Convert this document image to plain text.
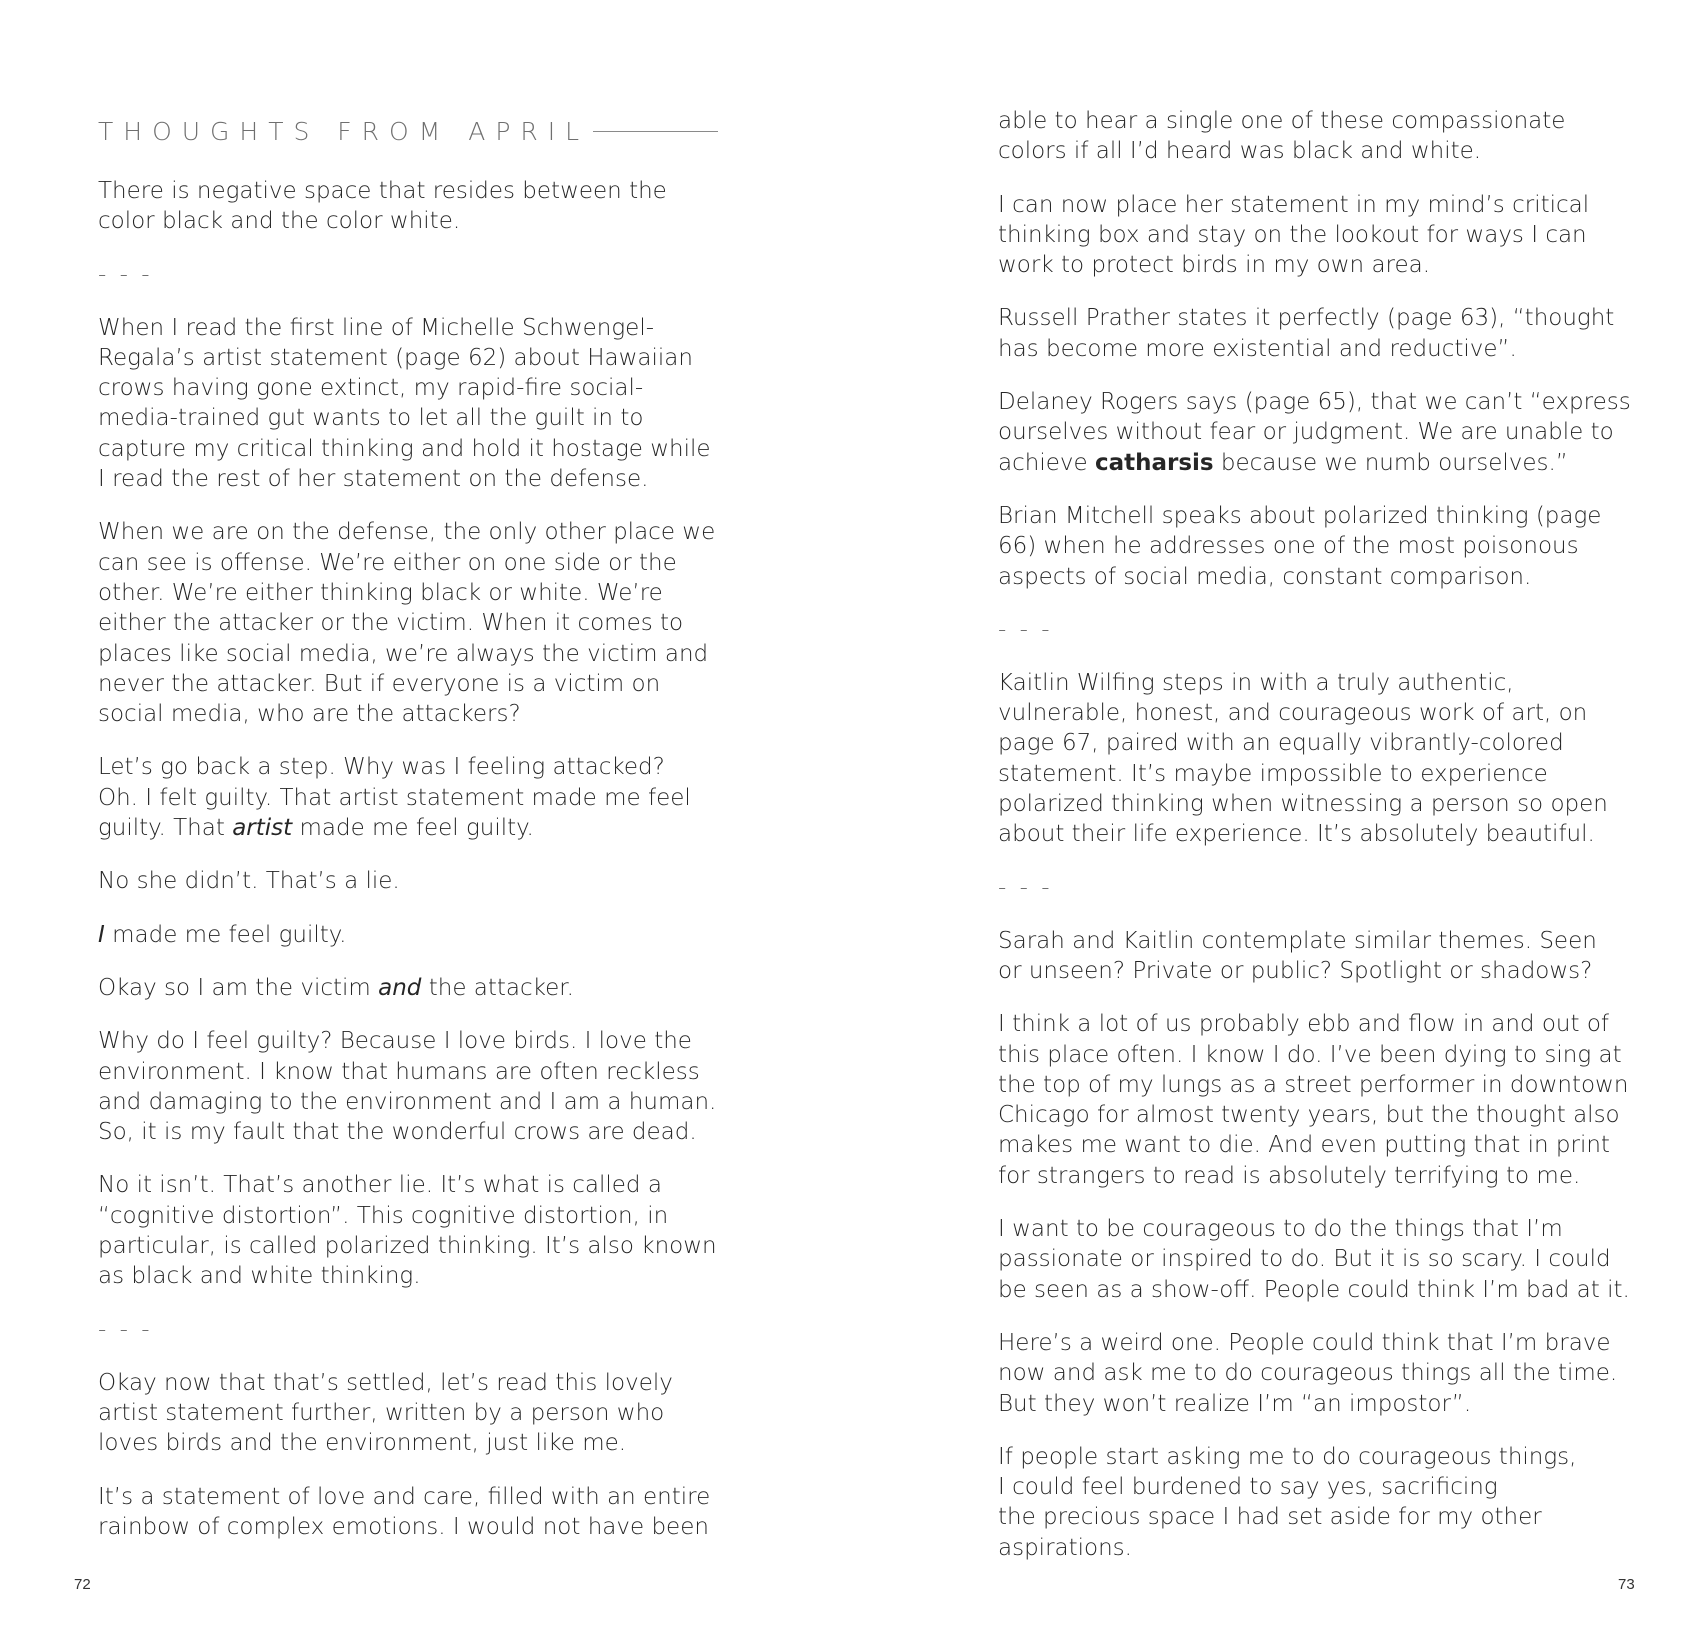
THOUGHTS FROM APRIL

There is negative space that resides between the
color black and the color white.

- - -

When I read the first line of Michelle Schwengel-
Regala’s artist statement (page 62) about Hawaiian
crows having gone extinct, my rapid-fire social-
media-trained gut wants to let all the guilt in to
capture my critical thinking and hold it hostage while
I read the rest of her statement on the defense.

When we are on the defense, the only other place we
can see is offense. We’re either on one side or the
other. We’re either thinking black or white. We’re
either the attacker or the victim. When it comes to
places like social media, we’re always the victim and
never the attacker. But if everyone is a victim on
social media, who are the attackers?

Let’s go back a step. Why was I feeling attacked?
Oh. I felt guilty. That artist statement made me feel
guilty. That artist made me feel guilty.

No she didn’t. That’s a lie.

I made me feel guilty.

Okay so I am the victim and the attacker.

Why do I feel guilty? Because I love birds. I love the
environment. I know that humans are often reckless
and damaging to the environment and I am a human.
So, it is my fault that the wonderful crows are dead.

No it isn’t. That’s another lie. It’s what is called a
“cognitive distortion”. This cognitive distortion, in
particular, is called polarized thinking. It’s also known
as black and white thinking.

- - -

Okay now that that’s settled, let’s read this lovely
artist statement further, written by a person who
loves birds and the environment, just like me.

It’s a statement of love and care, filled with an entire
rainbow of complex emotions. I would not have been

72

able to hear a single one of these compassionate
colors if all I’d heard was black and white.

I can now place her statement in my mind’s critical
thinking box and stay on the lookout for ways I can
work to protect birds in my own area.

Russell Prather states it perfectly (page 63), “thought
has become more existential and reductive”.

Delaney Rogers says (page 65), that we can’t “express
ourselves without fear or judgment. We are unable to
achieve catharsis because we numb ourselves.”

Brian Mitchell speaks about polarized thinking (page
66) when he addresses one of the most poisonous
aspects of social media, constant comparison.

- - -

Kaitlin Wilfing steps in with a truly authentic,
vulnerable, honest, and courageous work of art, on
page 67, paired with an equally vibrantly-colored
statement. It’s maybe impossible to experience
polarized thinking when witnessing a person so open
about their life experience. It’s absolutely beautiful.

- - -

Sarah and Kaitlin contemplate similar themes. Seen
or unseen? Private or public? Spotlight or shadows?

I think a lot of us probably ebb and flow in and out of
this place often. I know I do. I’ve been dying to sing at
the top of my lungs as a street performer in downtown
Chicago for almost twenty years, but the thought also
makes me want to die. And even putting that in print
for strangers to read is absolutely terrifying to me.

I want to be courageous to do the things that I’m
passionate or inspired to do. But it is so scary. I could
be seen as a show-off. People could think I’m bad at it.

Here’s a weird one. People could think that I’m brave
now and ask me to do courageous things all the time.
But they won’t realize I’m “an impostor”.

If people start asking me to do courageous things,
I could feel burdened to say yes, sacrificing
the precious space I had set aside for my other
aspirations.

73
